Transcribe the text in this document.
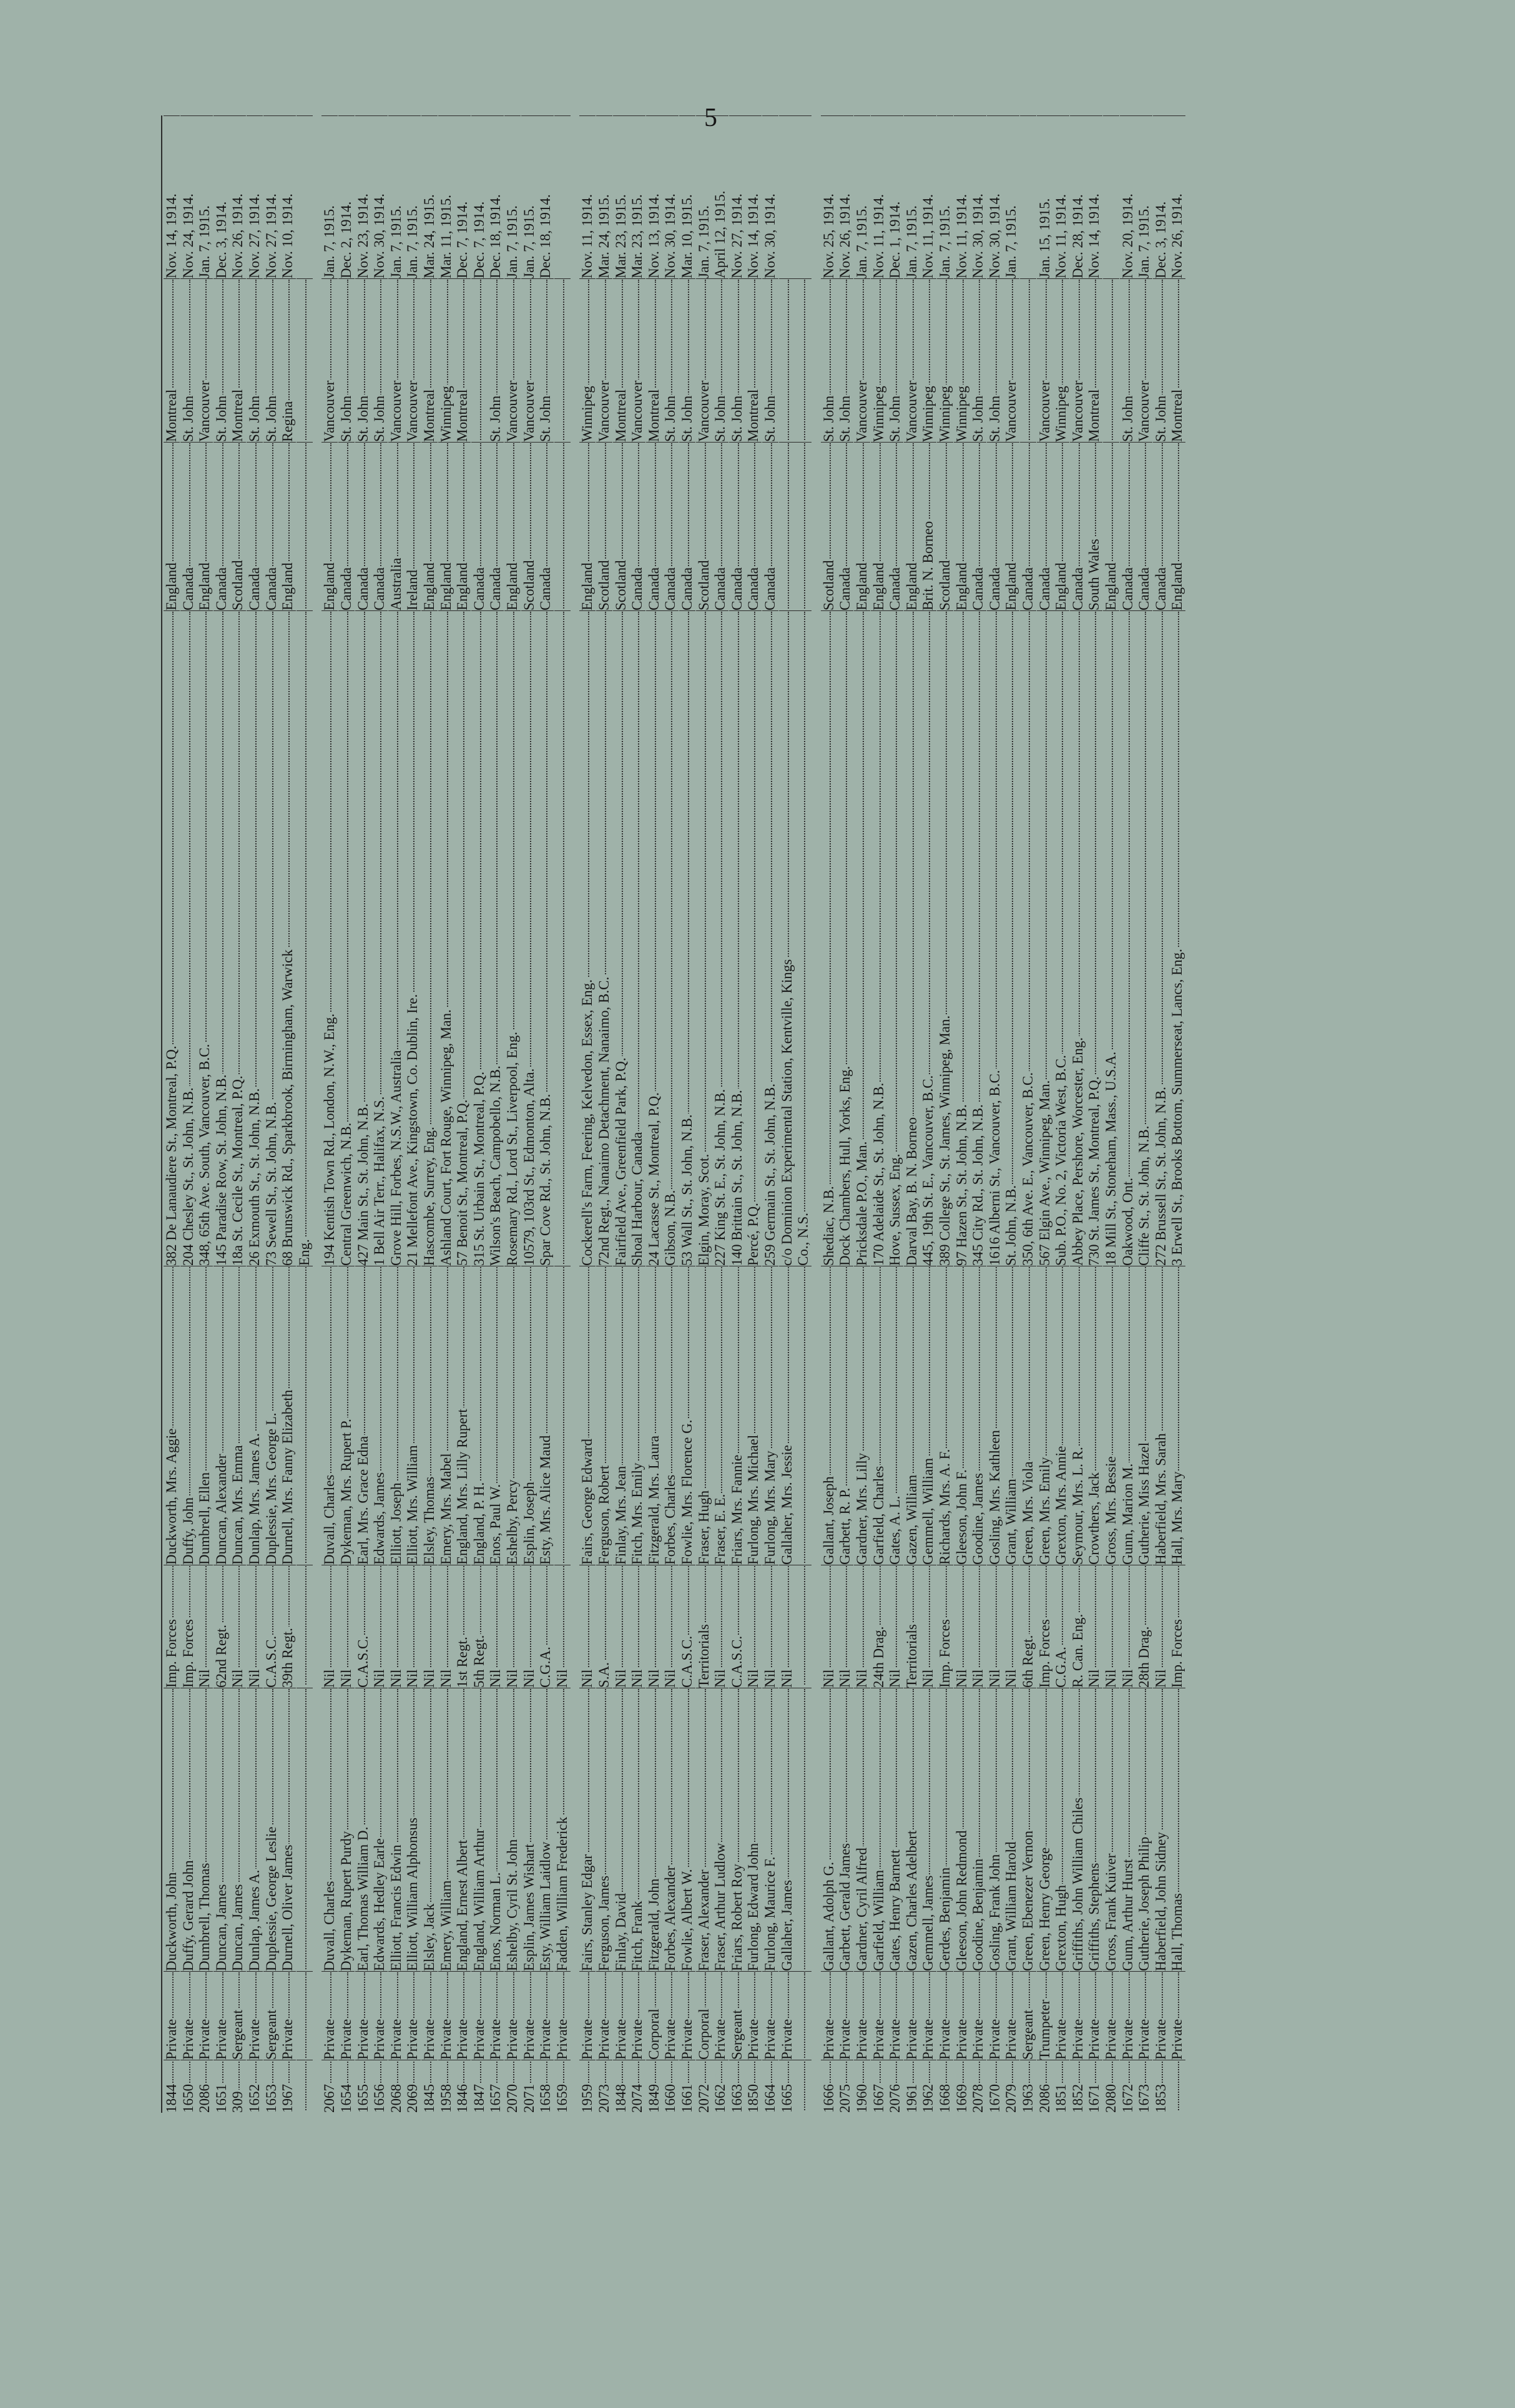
5
1844
Private
Duckworth, John
Imp. Forces
Duckworth, Mrs. Aggie
382 De Lanaudiere St., Montreal, P.Q.
England
Montreal
Nov. 14, 1914.
1650
Private
Duffy, Gerard John
Imp. Forces
Duffy, John
204 Chesley St., St. John, N.B.
Canada
St. John
Nov. 24, 1914.
2086
Private
Dumbrell, Thomas
Nil
Dumbrell, Ellen
348, 65th Ave. South, Vancouver, B.C.
England
Vancouver
Jan. 7, 1915.
1651
Private
Duncan, James
62nd Regt.
Duncan, Alexander
145 Paradise Row, St. John, N.B.
Canada
St. John
Dec. 3, 1914.
309
Sergeant
Duncan, James
Nil
Duncan, Mrs. Emma
18a St. Cecile St., Montreal, P.Q.
Scotland
Montreal
Nov. 26, 1914.
1652
Private
Dunlap, James A.
Nil
Dunlap, Mrs. James A.
26 Exmouth St., St. John, N.B.
Canada
St. John
Nov. 27, 1914.
1653
Sergeant
Duplessie, George Leslie
C.A.S.C.
Duplessie, Mrs. George L.
73 Sewell St., St. John, N.B.
Canada
St. John
Nov. 27, 1914.
1967
Private
Durnell, Oliver James
39th Regt.
Durnell, Mrs. Fanny Elizabeth
68 Brunswick Rd., Sparkbrook, Birmingham, Warwick
England
Regina
Nov. 10, 1914.
Eng.
2067
Private
Duvall, Charles
Nil
Duvall, Charles
194 Kentish Town Rd., London, N.W., Eng.
England
Vancouver
Jan. 7, 1915.
1654
Private
Dykeman, Rupert Purdy
Nil
Dykeman, Mrs. Rupert P.
Central Greenwich, N.B.
Canada
St. John
Dec. 2, 1914.
1655
Private
Earl, Thomas William D.
C.A.S.C.
Earl, Mrs. Grace Edna
427 Main St., St. John, N.B.
Canada
St. John
Nov. 23, 1914.
1656
Private
Edwards, Hedley Earle
Nil
Edwards, James
1 Bell Air Terr., Halifax, N.S.
Canada
St. John
Nov. 30, 1914.
2068
Private
Elliott, Francis Edwin
Nil
Elliott, Joseph
Grove Hill, Forbes, N.S.W., Australia
Australia
Vancouver
Jan. 7, 1915.
2069
Private
Elliott, William Alphonsus
Nil
Elliott, Mrs. William
21 Mellefont Ave., Kingstown, Co. Dublin, Ire.
Ireland
Vancouver
Jan. 7, 1915.
1845
Private
Elsley, Jack
Nil
Elsley, Thomas
Hascombe, Surrey, Eng.
England
Montreal
Mar. 24, 1915.
1958
Private
Emery, William
Nil
Emery, Mrs. Mabel
Ashland Court, Fort Rouge, Winnipeg, Man.
England
Winnipeg
Mar. 11, 1915.
1846
Private
England, Ernest Albert
1st Regt.
England, Mrs. Lilly Rupert
57 Benoit St., Montreal, P.Q.
England
Montreal
Dec. 7, 1914.
1847
Private
England, William Arthur
5th Regt.
England, P. H.
315 St. Urbain St., Montreal, P.Q.
Canada
Dec. 7, 1914.
1657
Private
Enos, Norman L.
Nil
Enos, Paul W.
Wilson's Beach, Campobello, N.B.
Canada
St. John
Dec. 18, 1914.
2070
Private
Eshelby, Cyril St. John
Nil
Eshelby, Percy
Rosemary Rd., Lord St., Liverpool, Eng.
England
Vancouver
Jan. 7, 1915.
2071
Private
Esplin, James Wishart
Nil
Esplin, Joseph
10579, 103rd St., Edmonton, Alta.
Scotland
Vancouver
Jan. 7, 1915.
1658
Private
Esty, William Laidlow
C.G.A.
Esty, Mrs. Alice Maud
Spar Cove Rd., St. John, N.B.
Canada
St. John
Dec. 18, 1914.
1659
Private
Fadden, William Frederick
Nil
1959
Private
Fairs, Stanley Edgar
Nil
Fairs, George Edward
Cockerell's Farm, Feering, Kelvedon, Essex, Eng.
England
Winnipeg
Nov. 11, 1914.
2073
Private
Ferguson, James
S.A.
Ferguson, Robert
72nd Regt., Nanaimo Detachment, Nanaimo, B.C.
Scotland
Vancouver
Mar. 24, 1915.
1848
Private
Finlay, David
Nil
Finlay, Mrs. Jean
Fairfield Ave., Greenfield Park, P.Q.
Scotland
Montreal
Mar. 23, 1915.
2074
Private
Fitch, Frank
Nil
Fitch, Mrs. Emily
Shoal Harbour, Canada
Canada
Vancouver
Mar. 23, 1915.
1849
Corporal
Fitzgerald, John
Nil
Fitzgerald, Mrs. Laura
24 Lacasse St., Montreal, P.Q.
Canada
Montreal
Nov. 13, 1914.
1660
Private
Forbes, Alexander
Nil
Forbes, Charles
Gibson, N.B.
Canada
St. John
Nov. 30, 1914.
1661
Private
Fowlie, Albert W.
C.A.S.C.
Fowlie, Mrs. Florence G.
53 Wall St., St. John, N.B.
Canada
St. John
Mar. 10, 1915.
2072
Corporal
Fraser, Alexander
Territorials
Fraser, Hugh
Elgin, Moray, Scot.
Scotland
Vancouver
Jan. 7, 1915.
1662
Private
Fraser, Arthur Ludlow
Nil
Fraser, E. E.
227 King St. E., St. John, N.B.
Canada
St. John
April 12, 1915.
1663
Sergeant
Friars, Robert Roy
C.A.S.C.
Friars, Mrs. Fannie
140 Brittain St., St. John, N.B.
Canada
St. John
Nov. 27, 1914.
1850
Private
Furlong, Edward John
Nil
Furlong, Mrs. Michael
Percé, P.Q.
Canada
Montreal
Nov. 14, 1914.
1664
Private
Furlong, Maurice F.
Nil
Furlong, Mrs. Mary
259 Germain St., St. John, N.B.
Canada
St. John
Nov. 30, 1914.
1665
Private
Gallaher, James
Nil
Gallaher, Mrs. Jessie
c/o Dominion Experimental Station, Kentville, Kings Co., N.S.
1666
Private
Gallant, Adolph G.
Nil
Gallant, Joseph
Shediac, N.B.
Scotland
St. John
Nov. 25, 1914.
2075
Private
Garbett, Gerald James
Nil
Garbett, R. P.
Dock Chambers, Hull, Yorks, Eng.
Canada
St. John
Nov. 26, 1914.
1960
Private
Gardner, Cyril Alfred
Nil
Gardner, Mrs. Lilly
Pricksdale P.O., Man.
England
Vancouver
Jan. 7, 1915.
1667
Private
Garfield, William
24th Drag.
Garfield, Charles
170 Adelaide St., St. John, N.B.
England
Winnipeg
Nov. 11, 1914.
2076
Private
Gates, Henry Barnett
Nil
Gates, A. L.
Hove, Sussex, Eng.
Canada
St. John
Dec. 1, 1914.
1961
Private
Gazen, Charles Adelbert
Territorials
Gazen, William
Darval Bay, B. N. Borneo
England
Vancouver
Jan. 7, 1915.
1962
Private
Gemmell, James
Nil
Gemmell, William
445, 19th St. E., Vancouver, B.C.
Brit. N. Borneo
Winnipeg
Nov. 11, 1914.
1668
Private
Gerdes, Benjamin
Imp. Forces
Richards, Mrs. A. F.
389 College St., St. James, Winnipeg, Man.
Scotland
Winnipeg
Jan. 7, 1915.
1669
Private
Gleeson, John Redmond
Nil
Gleeson, John F.
97 Hazen St., St. John, N.B.
England
Winnipeg
Nov. 11, 1914.
2078
Private
Goodine, Benjamin
Nil
Goodine, James
345 City Rd., St. John, N.B.
Canada
St. John
Nov. 30, 1914.
1670
Private
Gosling, Frank John
Nil
Gosling, Mrs. Kathleen
1616 Alberni St., Vancouver, B.C.
Canada
St. John
Nov. 30, 1914.
2079
Private
Grant, William Harold
Nil
Grant, William
St. John, N.B.
England
Vancouver
Jan. 7, 1915.
1963
Sergeant
Green, Ebenezer Vernon
6th Regt.
Green, Mrs. Viola
350, 6th Ave. E., Vancouver, B.C.
Canada
2086
Trumpeter
Green, Henry George
Imp. Forces
Green, Mrs. Emily
567 Elgin Ave., Winnipeg, Man.
Canada
Vancouver
Jan. 15, 1915.
1851
Private
Grexton, Hugh
C.G.A.
Grexton, Mrs. Annie
Sub. P.O., No. 2, Victoria West, B.C.
England
Winnipeg
Nov. 11, 1914.
1852
Private
Griffiths, John William Chiles
R. Can. Eng.
Seymour, Mrs. L. R.
Abbey Place, Pershore, Worcester, Eng.
Canada
Vancouver
Dec. 28, 1914.
1671
Private
Griffiths, Stephens
Nil
Crowthers, Jack
730 St. James St., Montreal, P.Q.
South Wales
Montreal
Nov. 14, 1914.
2080
Private
Gross, Frank Kuiver
Nil
Gross, Mrs. Bessie
18 Mill St., Stoneham, Mass., U.S.A.
England
1672
Private
Gunn, Arthur Hurst
Nil
Gunn, Marion M.
Oakwood, Ont.
Canada
St. John
Nov. 20, 1914.
1673
Private
Gutherie, Joseph Philip
28th Drag.
Gutherie, Miss Hazel
Cliffe St., St. John, N.B.
Canada
Vancouver
Jan. 7, 1915.
1853
Private
Haberfield, John Sidney
Nil
Haberfield, Mrs. Sarah
272 Brussell St., St. John, N.B.
Canada
St. John
Dec. 3, 1914.
Private
Hall, Thomas
Imp. Forces
Hall, Mrs. Mary
3 Erwell St., Brooks Bottom, Summerseat, Lancs, Eng.
England
Montreal
Nov. 26, 1914.
